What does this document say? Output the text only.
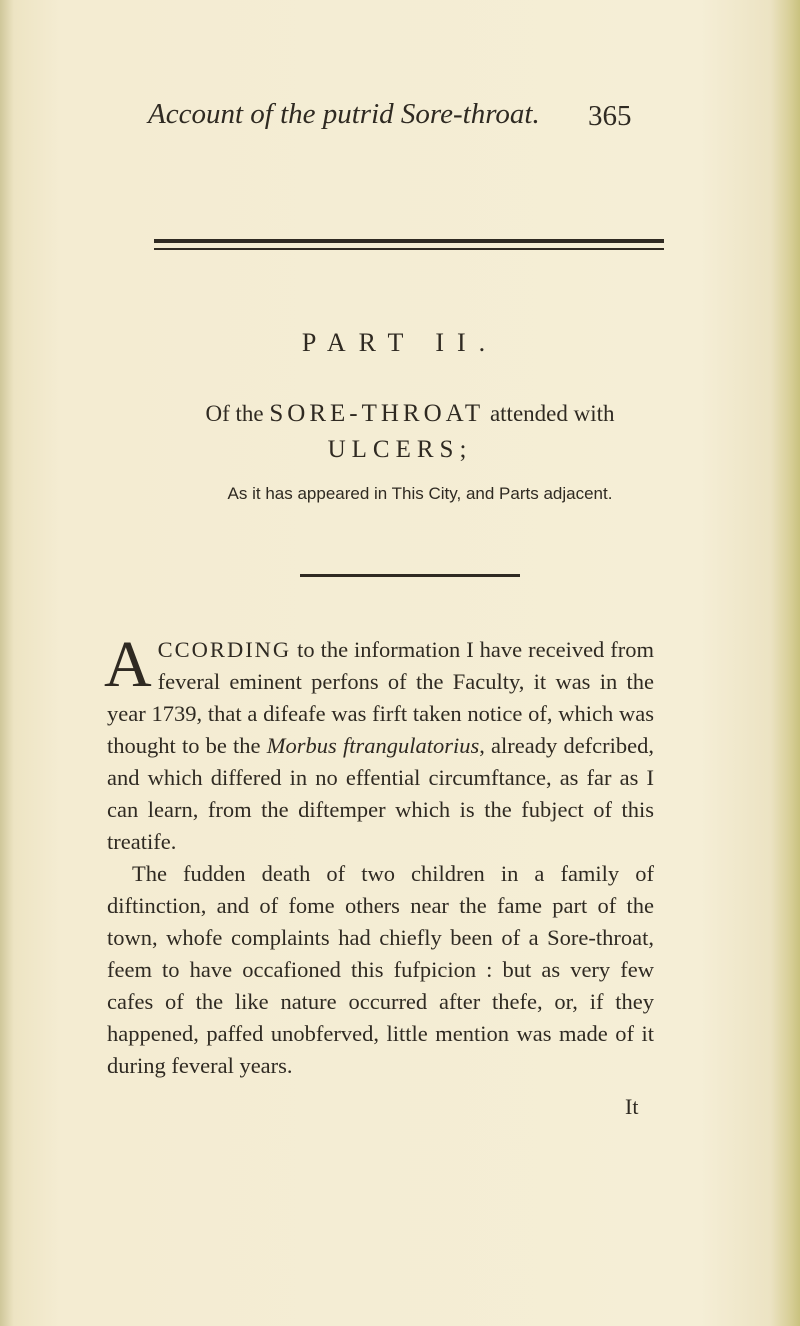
Account of the putrid Sore-throat. 365
PART II.
Of the SORE-THROAT attended with
ULCERS;
As it has appeared in This City, and Parts adjacent.

ACCORDING to the information I have received from feveral eminent perfons of the Faculty, it was in the year 1739, that a difeafe was firft taken notice of, which was thought to be the Morbus ftrangulatorius, already defcribed, and which differed in no effential circumftance, as far as I can learn, from the diftemper which is the fubject of this treatife.

The fudden death of two children in a family of diftinction, and of fome others near the fame part of the town, whofe complaints had chiefly been of a Sore-throat, feem to have occafioned this fufpicion : but as very few cafes of the like nature occurred after thefe, or, if they happened, paffed unobferved, little mention was made of it during feveral years.

It
